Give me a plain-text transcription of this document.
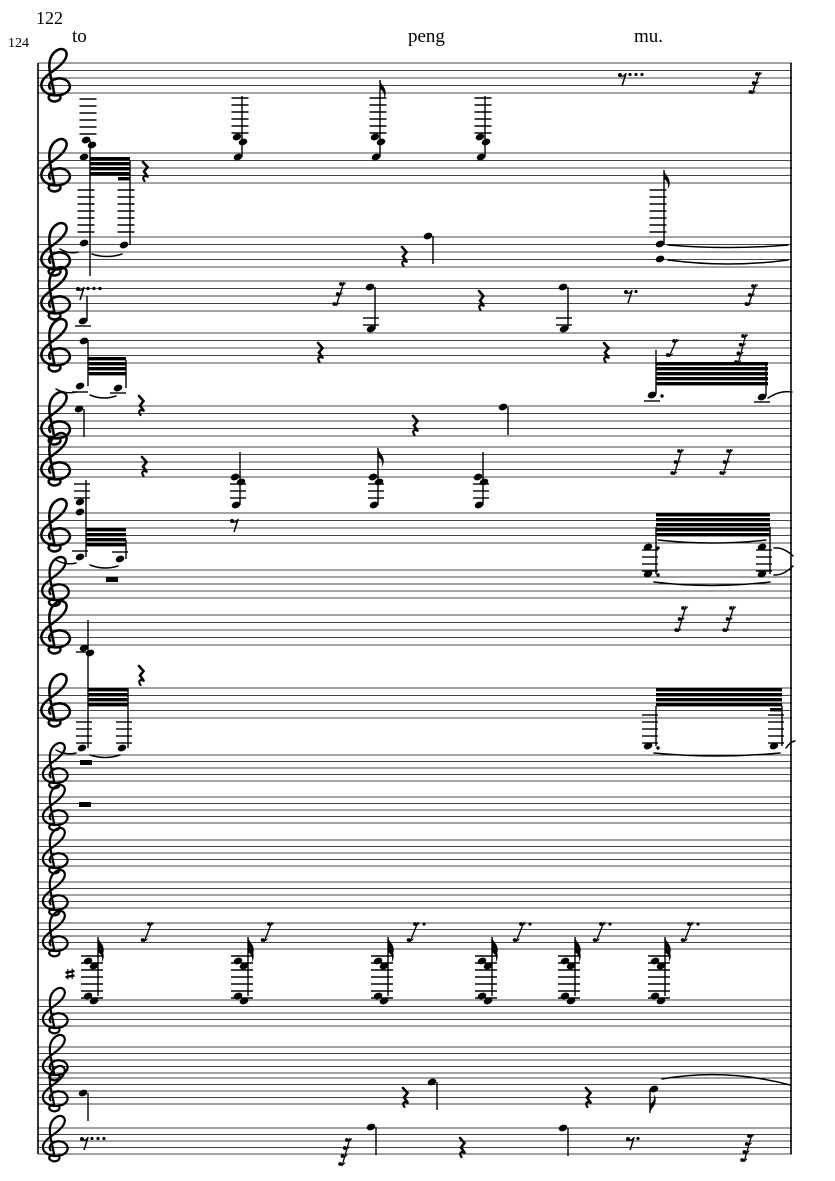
122
124 to	peng	mu.
